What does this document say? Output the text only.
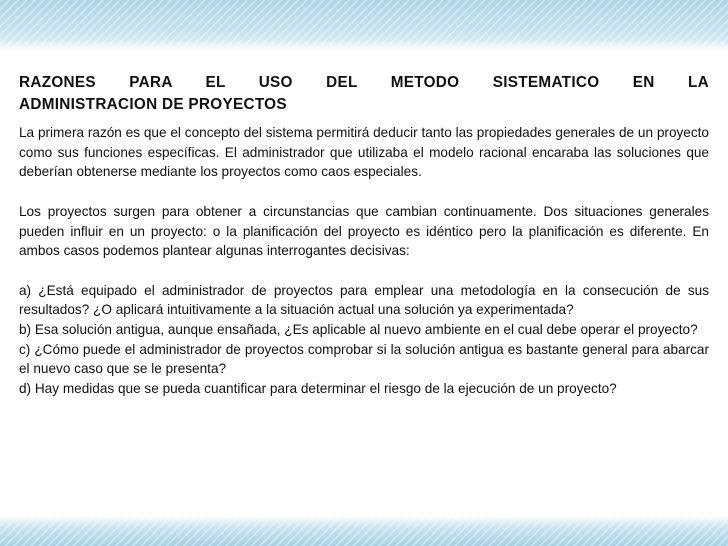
RAZONES PARA EL USO DEL METODO SISTEMATICO EN LA
ADMINISTRACION DE PROYECTOS

La primera razón es que el concepto del sistema permitirá deducir tanto las propiedades generales de un proyecto como sus funciones específicas. El administrador que utilizaba el modelo racional encaraba las soluciones que deberían obtenerse mediante los proyectos como caos especiales.

Los proyectos surgen para obtener a circunstancias que cambian continuamente. Dos situaciones generales pueden influir en un proyecto: o la planificación del proyecto es idéntico pero la planificación es diferente. En ambos casos podemos plantear algunas interrogantes decisivas:

a) ¿Está equipado el administrador de proyectos para emplear una metodología en la consecución de sus resultados? ¿O aplicará intuitivamente a la situación actual una solución ya experimentada?

b) Esa solución antigua, aunque ensañada, ¿Es aplicable al nuevo ambiente en el cual debe operar el proyecto?

c) ¿Cómo puede el administrador de proyectos comprobar si la solución antigua es bastante general para abarcar el nuevo caso que se le presenta?

d) Hay medidas que se pueda cuantificar para determinar el riesgo de la ejecución de un proyecto?
